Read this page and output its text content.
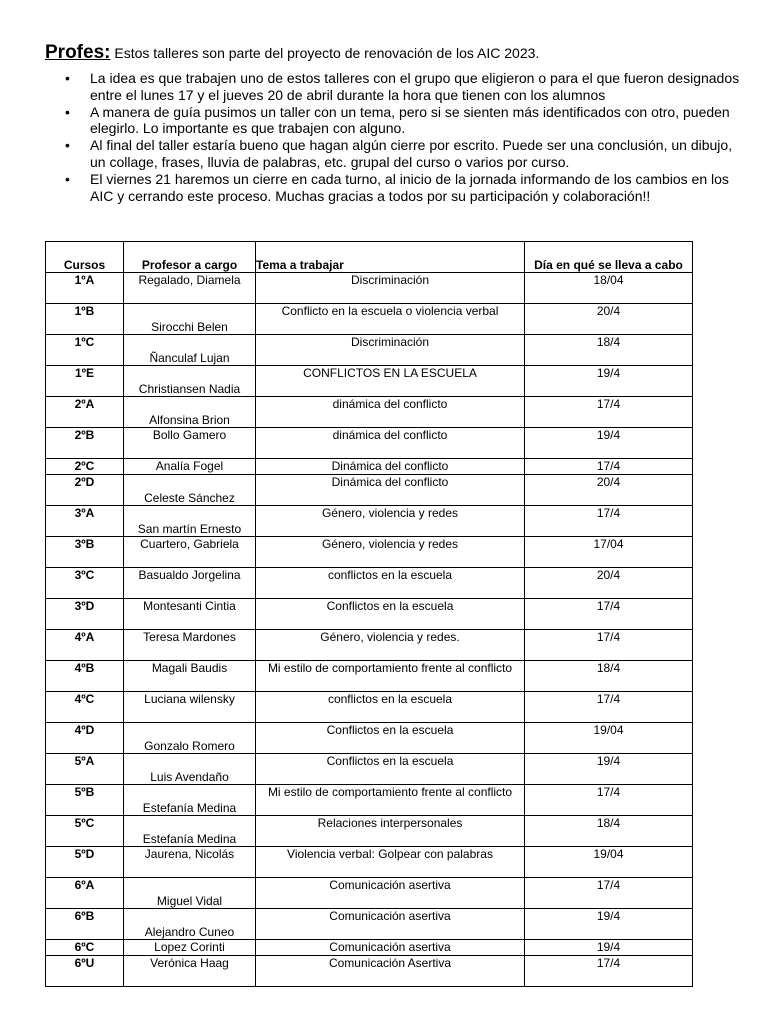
Profes: Estos talleres son parte del proyecto de renovación de los AIC 2023.
• La idea es que trabajen uno de estos talleres con el grupo que eligieron o para el que fueron designados entre el lunes 17 y el jueves 20 de abril durante la hora que tienen con los alumnos
• A manera de guía pusimos un taller con un tema, pero si se sienten más identificados con otro, pueden elegirlo. Lo importante es que trabajen con alguno.
• Al final del taller estaría bueno que hagan algún cierre por escrito. Puede ser una conclusión, un dibujo, un collage, frases, lluvia de palabras, etc. grupal del curso o varios por curso.
• El viernes 21 haremos un cierre en cada turno, al inicio de la jornada informando de los cambios en los AIC y cerrando este proceso. Muchas gracias a todos por su participación y colaboración!!
Cursos	Profesor a cargo	Tema a trabajar	Día en qué se lleva a cabo
1ºA	Regalado, Diamela	Discriminación	18/04
1ºB	Sirocchi Belen	Conflicto en la escuela o violencia verbal	20/4
1ºC	Ñanculaf Lujan	Discriminación	18/4
1ºE	Christiansen Nadia	CONFLICTOS EN LA ESCUELA	19/4
2ºA	Alfonsina Brion	dinámica del conflicto	17/4
2ºB	Bollo Gamero	dinámica del conflicto	19/4
2ºC	Analía Fogel	Dinámica del conflicto	17/4
2ºD	Celeste Sánchez	Dinámica del conflicto	20/4
3ºA	San martín Ernesto	Género, violencia y redes	17/4
3ºB	Cuartero, Gabriela	Género, violencia y redes	17/04
3ºC	Basualdo Jorgelina	conflictos en la escuela	20/4
3ºD	Montesanti Cintia	Conflictos en la escuela	17/4
4ºA	Teresa Mardones	Género, violencia y redes.	17/4
4ºB	Magali Baudis	Mi estilo de comportamiento frente al conflicto	18/4
4ºC	Luciana wilensky	conflictos en la escuela	17/4
4ºD	Gonzalo Romero	Conflictos en la escuela	19/04
5ºA	Luis Avendaño	Conflictos en la escuela	19/4
5ºB	Estefanía Medina	Mi estilo de comportamiento frente al conflicto	17/4
5ºC	Estefanía Medina	Relaciones interpersonales	18/4
5ºD	Jaurena, Nicolás	Violencia verbal: Golpear con palabras	19/04
6ºA	Miguel Vidal	Comunicación asertiva	17/4
6ºB	Alejandro Cuneo	Comunicación asertiva	19/4
6ºC	Lopez Corinti	Comunicación asertiva	19/4
6ºU	Verónica Haag	Comunicación Asertiva	17/4
